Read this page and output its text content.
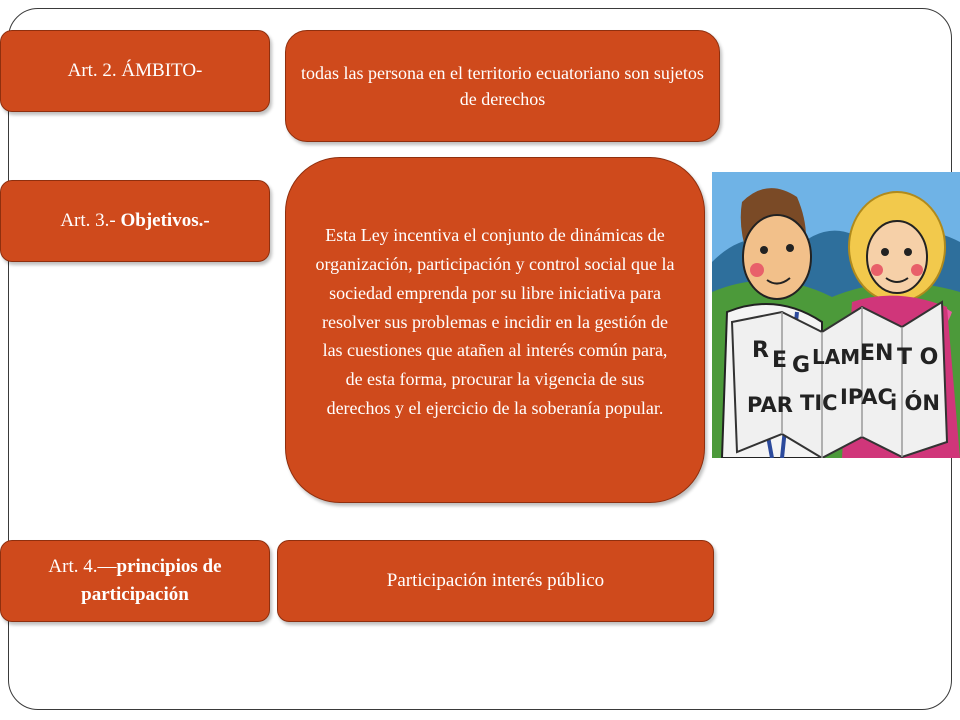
Art. 2. ÁMBITO-	todas las persona en el territorio ecuatoriano son sujetos de derechos
Art. 3.- Objetivos.-
Esta Ley incentiva el conjunto de dinámicas de organización, participación y control social que la sociedad emprenda por su libre iniciativa para resolver sus problemas e incidir en la gestión de las cuestiones que atañen al interés común para, de esta forma, procurar la vigencia de sus derechos y el ejercicio de la soberanía popular.
Art. 4.—principios de participación
Participación interés público
R E G LAM EN T O
PAR TIC IPAC
i ÓN
